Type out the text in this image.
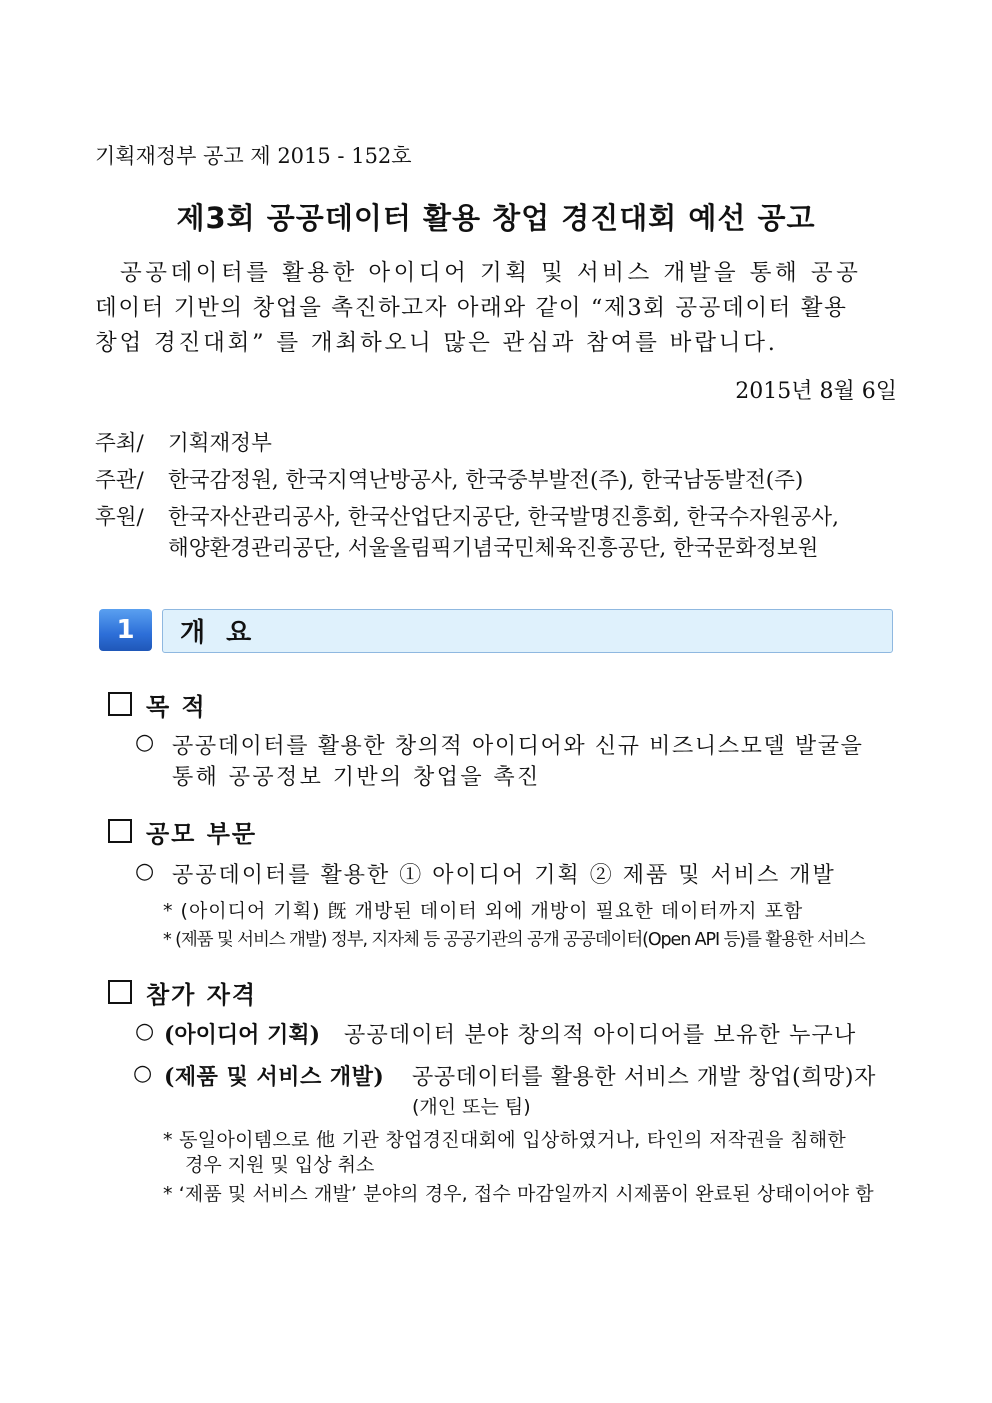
기획재정부 공고 제 2015 - 152호
제3회 공공데이터 활용 창업 경진대회 예선 공고
공공데이터를 활용한 아이디어 기획 및 서비스 개발을 통해 공공
데이터 기반의 창업을 촉진하고자 아래와 같이 “제3회 공공데이터 활용
창업 경진대회” 를 개최하오니 많은 관심과 참여를 바랍니다.
2015년 8월 6일
주최/ 기획재정부
주관/ 한국감정원, 한국지역난방공사, 한국중부발전(주), 한국남동발전(주)
후원/ 한국자산관리공사, 한국산업단지공단, 한국발명진흥회, 한국수자원공사,
해양환경관리공단, 서울올림픽기념국민체육진흥공단, 한국문화정보원
1	개 요
목 적
○ 공공데이터를 활용한 창의적 아이디어와 신규 비즈니스모델 발굴을
통해 공공정보 기반의 창업을 촉진
공모 부문
○ 공공데이터를 활용한 ① 아이디어 기획 ② 제품 및 서비스 개발
* (아이디어 기획) 旣 개방된 데이터 외에 개방이 필요한 데이터까지 포함
* (제품 및 서비스 개발) 정부, 지자체 등 공공기관의 공개 공공데이터(Open API 등)를 활용한 서비스
참가 자격
○ (아이디어 기획) 공공데이터 분야 창의적 아이디어를 보유한 누구나
○ (제품 및 서비스 개발) 공공데이터를 활용한 서비스 개발 창업(희망)자
(개인 또는 팀)
* 동일아이템으로 他 기관 창업경진대회에 입상하였거나, 타인의 저작권을 침해한
경우 지원 및 입상 취소
* ‘제품 및 서비스 개발’ 분야의 경우, 접수 마감일까지 시제품이 완료된 상태이어야 함
